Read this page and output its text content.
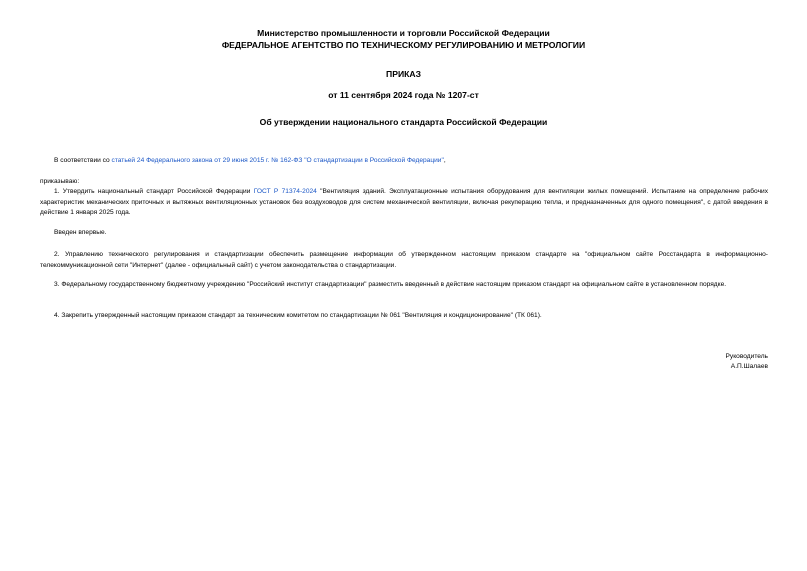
Министерство промышленности и торговли Российской Федерации
ФЕДЕРАЛЬНОЕ АГЕНТСТВО ПО ТЕХНИЧЕСКОМУ РЕГУЛИРОВАНИЮ И МЕТРОЛОГИИ
ПРИКАЗ
от 11 сентября 2024 года № 1207-ст
Об утверждении национального стандарта Российской Федерации
В соответствии со статьей 24 Федерального закона от 29 июня 2015 г. № 162-ФЗ "О стандартизации в Российской Федерации",
приказываю:
1. Утвердить национальный стандарт Российской Федерации ГОСТ Р 71374-2024 "Вентиляция зданий. Эксплуатационные испытания оборудования для вентиляции жилых помещений. Испытание на определение рабочих характеристик механических приточных и вытяжных вентиляционных установок без воздуховодов для систем механической вентиляции, включая рекуперацию тепла, и предназначенных для одного помещения", с датой введения в действие 1 января 2025 года.
Введен впервые.
2. Управлению технического регулирования и стандартизации обеспечить размещение информации об утвержденном настоящим приказом стандарте на "официальном сайте Росстандарта в информационно-телекоммуникационной сети "Интернет" (далее - официальный сайт) с учетом законодательства о стандартизации.
3. Федеральному государственному бюджетному учреждению "Российский институт стандартизации" разместить введенный в действие настоящим приказом стандарт на официальном сайте в установленном порядке.
4. Закрепить утвержденный настоящим приказом стандарт за техническим комитетом по стандартизации № 061 "Вентиляция и кондиционирование" (ТК 061).
Руководитель
А.П.Шалаев
